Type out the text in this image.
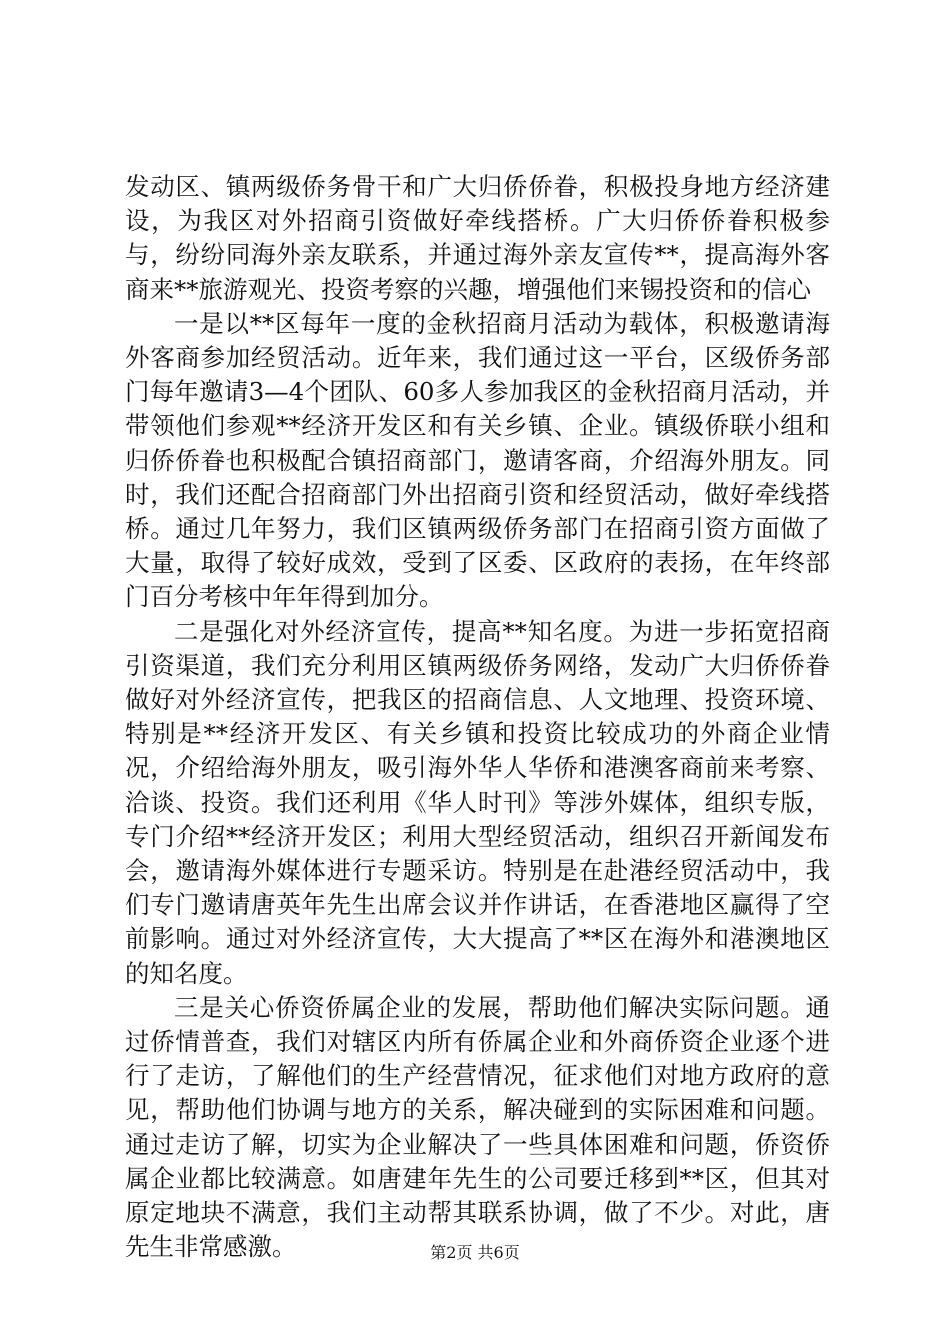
发动区、镇两级侨务骨干和广大归侨侨眷，积极投身地方经济建设，为我区对外招商引资做好牵线搭桥。广大归侨侨眷积极参与，纷纷同海外亲友联系，并通过海外亲友宣传**，提高海外客商来**旅游观光、投资考察的兴趣，增强他们来锡投资和的信心

一是以**区每年一度的金秋招商月活动为载体，积极邀请海外客商参加经贸活动。近年来，我们通过这一平台，区级侨务部门每年邀请3—4个团队、60多人参加我区的金秋招商月活动，并带领他们参观**经济开发区和有关乡镇、企业。镇级侨联小组和归侨侨眷也积极配合镇招商部门，邀请客商，介绍海外朋友。同时，我们还配合招商部门外出招商引资和经贸活动，做好牵线搭桥。通过几年努力，我们区镇两级侨务部门在招商引资方面做了大量，取得了较好成效，受到了区委、区政府的表扬，在年终部门百分考核中年年得到加分。

二是强化对外经济宣传，提高**知名度。为进一步拓宽招商引资渠道，我们充分利用区镇两级侨务网络，发动广大归侨侨眷做好对外经济宣传，把我区的招商信息、人文地理、投资环境、特别是**经济开发区、有关乡镇和投资比较成功的外商企业情况，介绍给海外朋友，吸引海外华人华侨和港澳客商前来考察、洽谈、投资。我们还利用《华人时刊》等涉外媒体，组织专版，专门介绍**经济开发区；利用大型经贸活动，组织召开新闻发布会，邀请海外媒体进行专题采访。特别是在赴港经贸活动中，我们专门邀请唐英年先生出席会议并作讲话，在香港地区赢得了空前影响。通过对外经济宣传，大大提高了**区在海外和港澳地区的知名度。

三是关心侨资侨属企业的发展，帮助他们解决实际问题。通过侨情普查，我们对辖区内所有侨属企业和外商侨资企业逐个进行了走访，了解他们的生产经营情况，征求他们对地方政府的意见，帮助他们协调与地方的关系，解决碰到的实际困难和问题。通过走访了解，切实为企业解决了一些具体困难和问题，侨资侨属企业都比较满意。如唐建年先生的公司要迁移到**区，但其对原定地块不满意，我们主动帮其联系协调，做了不少。对此，唐先生非常感激。	第2页 共6页
